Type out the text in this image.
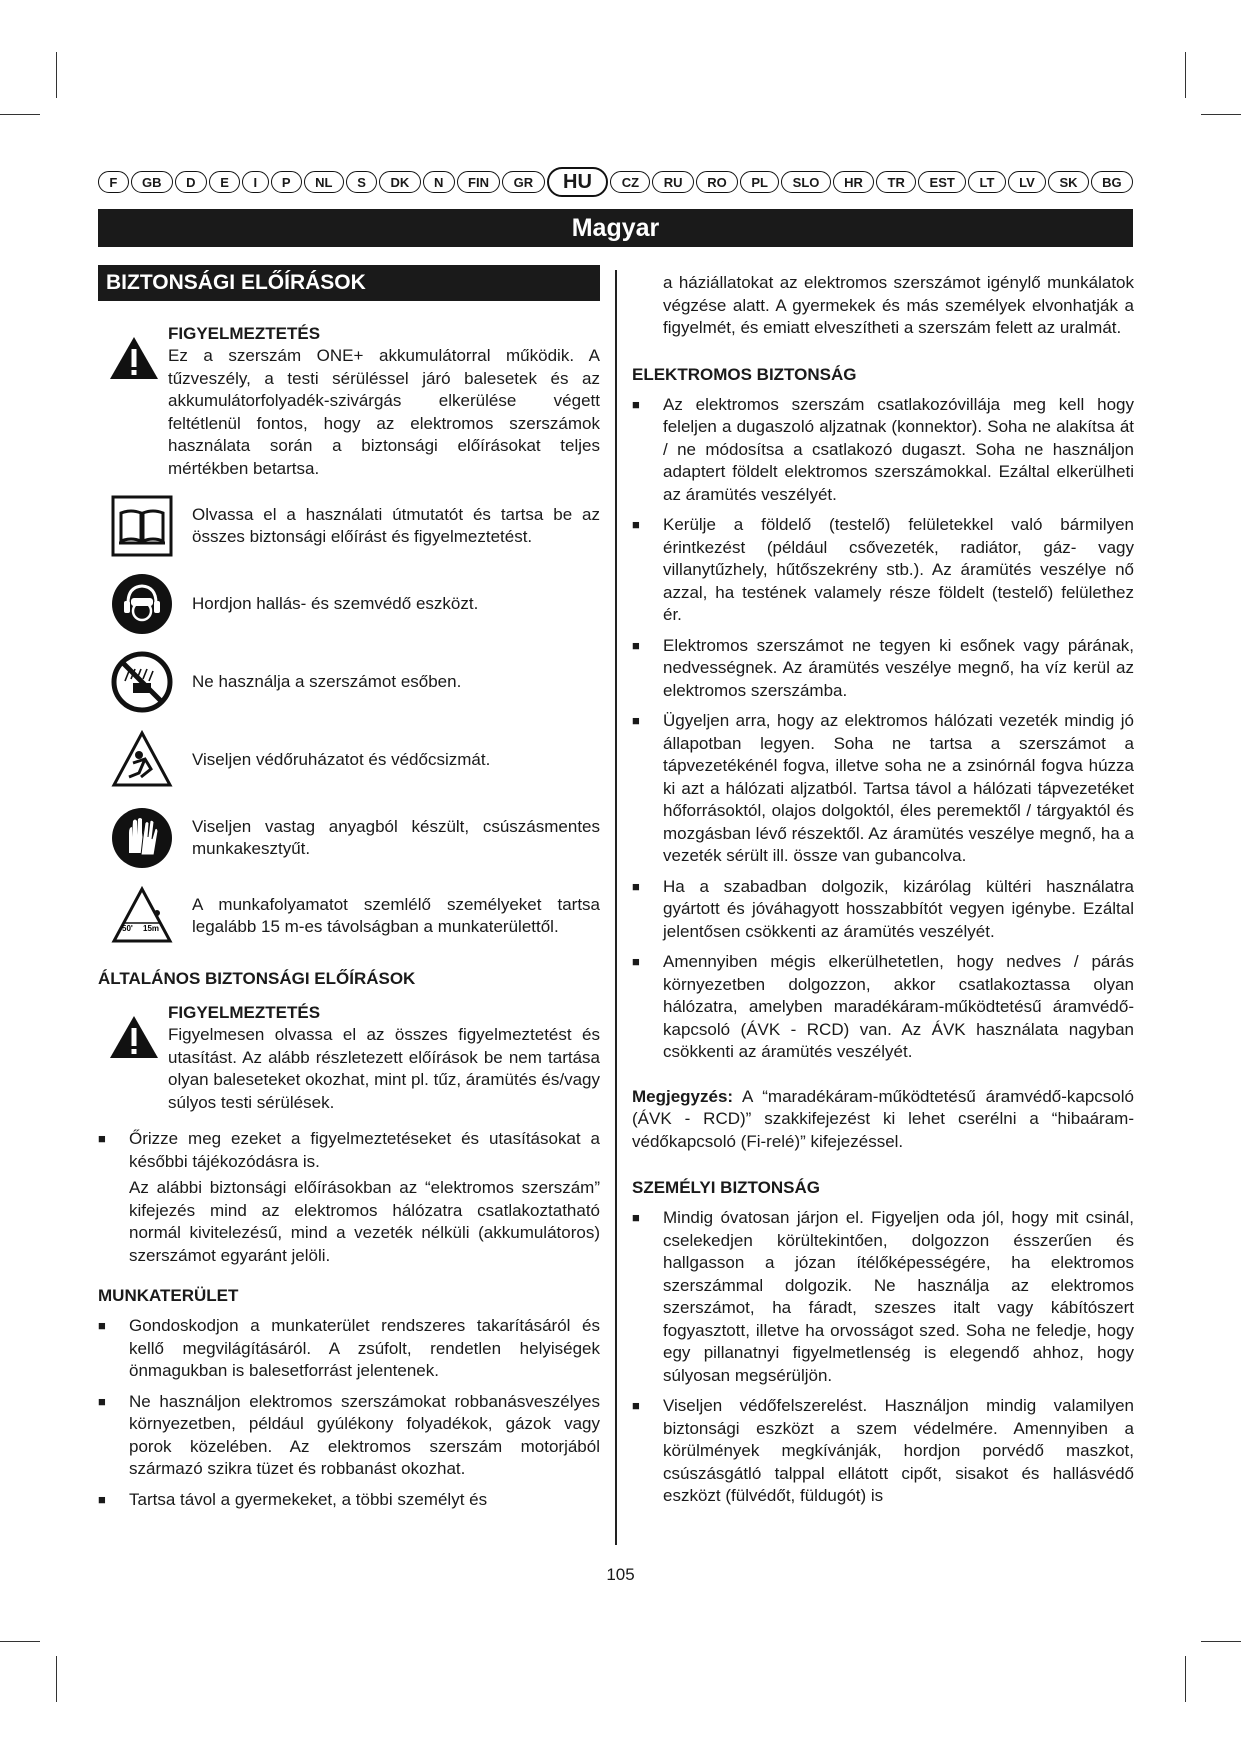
F	GB	D	E	I	P	NL	S	DK	N	FIN	GR	HU	CZ	RU	RO	PL	SLO	HR	TR	EST	LT	LV	SK	BG
Magyar
BIZTONSÁGI ELŐÍRÁSOK
FIGYELMEZTETÉS
Ez a szerszám ONE+ akkumulátorral működik. A tűzveszély, a testi sérüléssel járó balesetek és az akkumulátorfolyadék-szivárgás elkerülése végett feltétlenül fontos, hogy az elektromos szerszámok használata során a biztonsági előírásokat teljes mértékben betartsa.
Olvassa el a használati útmutatót és tartsa be az összes biztonsági előírást és figyelmeztetést.
Hordjon hallás- és szemvédő eszközt.
Ne használja a szerszámot esőben.
Viseljen védőruházatot és védőcsizmát.
Viseljen vastag anyagból készült, csúszásmentes munkakesztyűt.
50' 15m
A munkafolyamatot szemlélő személyeket tartsa legalább 15 m-es távolságban a munkaterülettől.
ÁLTALÁNOS BIZTONSÁGI ELŐÍRÁSOK
FIGYELMEZTETÉS
Figyelmesen olvassa el az összes figyelmeztetést és utasítást. Az alább részletezett előírások be nem tartása olyan baleseteket okozhat, mint pl. tűz, áramütés és/vagy súlyos testi sérülések.
■ Őrizze meg ezeket a figyelmeztetéseket és utasításokat a későbbi tájékozódásra is.
Az alábbi biztonsági előírásokban az “elektromos szerszám” kifejezés mind az elektromos hálózatra csatlakoztatható normál kivitelezésű, mind a vezeték nélküli (akkumulátoros) szerszámot egyaránt jelöli.
MUNKATERÜLET
■ Gondoskodjon a munkaterület rendszeres takarításáról és kellő megvilágításáról. A zsúfolt, rendetlen helyiségek önmagukban is balesetforrást jelentenek.
■ Ne használjon elektromos szerszámokat robbanásveszélyes környezetben, például gyúlékony folyadékok, gázok vagy porok közelében. Az elektromos szerszám motorjából származó szikra tüzet és robbanást okozhat.
■ Tartsa távol a gyermekeket, a többi személyt és
a háziállatokat az elektromos szerszámot igénylő munkálatok végzése alatt. A gyermekek és más személyek elvonhatják a figyelmét, és emiatt elveszítheti a szerszám felett az uralmát.
ELEKTROMOS BIZTONSÁG
■ Az elektromos szerszám csatlakozóvillája meg kell hogy feleljen a dugaszoló aljzatnak (konnektor). Soha ne alakítsa át / ne módosítsa a csatlakozó dugaszt. Soha ne használjon adaptert földelt elektromos szerszámokkal. Ezáltal elkerülheti az áramütés veszélyét.
■ Kerülje a földelő (testelő) felületekkel való bármilyen érintkezést (például csővezeték, radiátor, gáz- vagy villanytűzhely, hűtőszekrény stb.). Az áramütés veszélye nő azzal, ha testének valamely része földelt (testelő) felülethez ér.
■ Elektromos szerszámot ne tegyen ki esőnek vagy párának, nedvességnek. Az áramütés veszélye megnő, ha víz kerül az elektromos szerszámba.
■ Ügyeljen arra, hogy az elektromos hálózati vezeték mindig jó állapotban legyen. Soha ne tartsa a szerszámot a tápvezetékénél fogva, illetve soha ne a zsinórnál fogva húzza ki azt a hálózati aljzatból. Tartsa távol a hálózati tápvezetéket hőforrásoktól, olajos dolgoktól, éles peremektől / tárgyaktól és mozgásban lévő részektől. Az áramütés veszélye megnő, ha a vezeték sérült ill. össze van gubancolva.
■ Ha a szabadban dolgozik, kizárólag kültéri használatra gyártott és jóváhagyott hosszabbítót vegyen igénybe. Ezáltal jelentősen csökkenti az áramütés veszélyét.
■ Amennyiben mégis elkerülhetetlen, hogy nedves / párás környezetben dolgozzon, akkor csatlakoztassa olyan hálózatra, amelyben maradékáram-működtetésű áramvédő-kapcsoló (ÁVK - RCD) van. Az ÁVK használata nagyban csökkenti az áramütés veszélyét.

Megjegyzés: A “maradékáram-működtetésű áramvédő-kapcsoló (ÁVK - RCD)” szakkifejezést ki lehet cserélni a “hibaáram-védőkapcsoló (Fi-relé)” kifejezéssel.

SZEMÉLYI BIZTONSÁG
■ Mindig óvatosan járjon el. Figyeljen oda jól, hogy mit csinál, cselekedjen körültekintően, dolgozzon ésszerűen és hallgasson a józan ítélőképességére, ha elektromos szerszámmal dolgozik. Ne használja az elektromos szerszámot, ha fáradt, szeszes italt vagy kábítószert fogyasztott, illetve ha orvosságot szed. Soha ne feledje, hogy egy pillanatnyi figyelmetlenség is elegendő ahhoz, hogy súlyosan megsérüljön.
■ Viseljen védőfelszerelést. Használjon mindig valamilyen biztonsági eszközt a szem védelmére. Amennyiben a körülmények megkívánják, hordjon porvédő maszkot, csúszásgátló talppal ellátott cipőt, sisakot és hallásvédő eszközt (fülvédőt, füldugót) is
105
